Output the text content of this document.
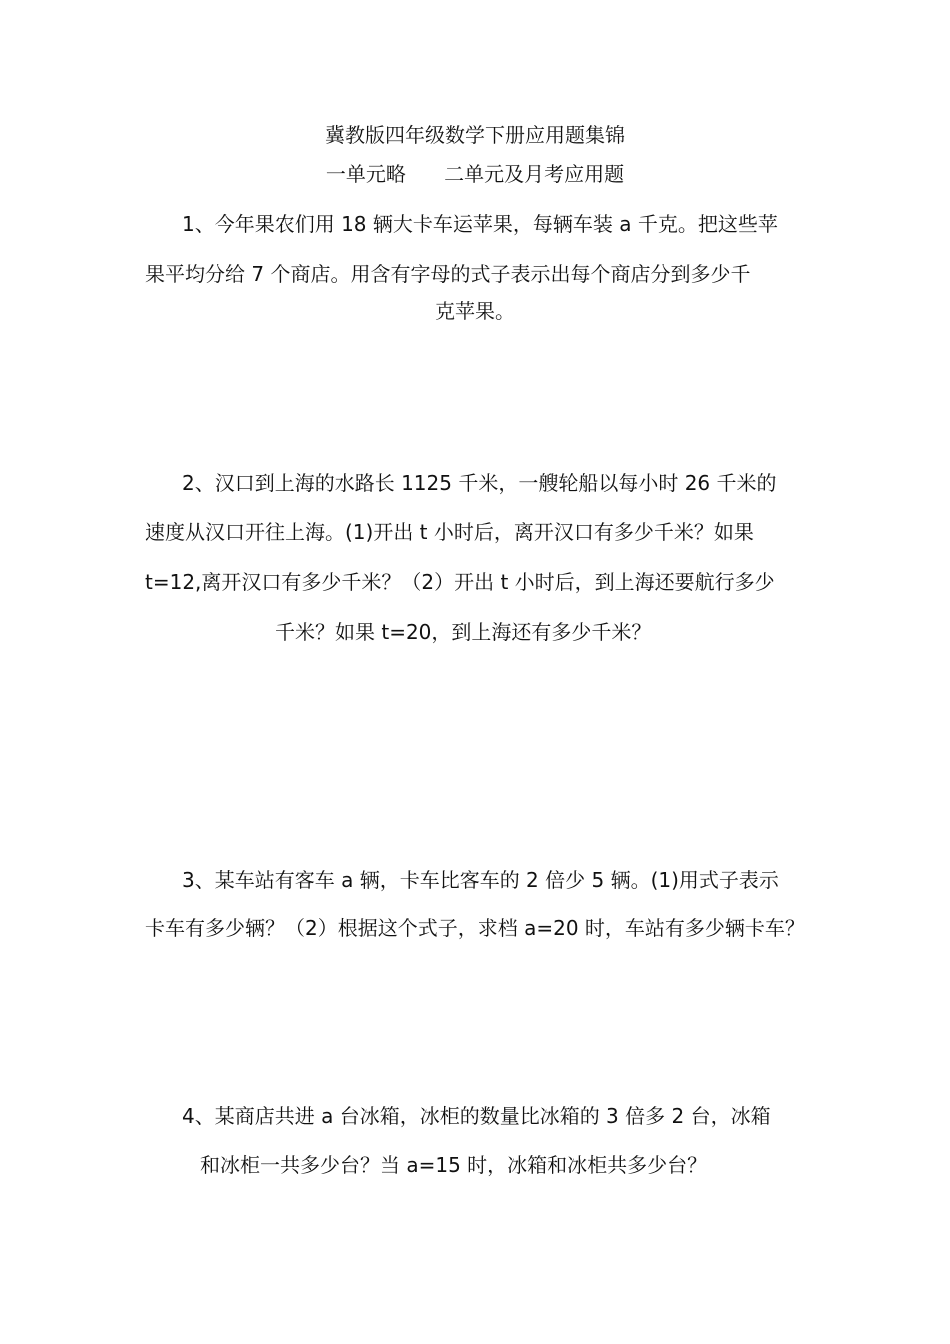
冀教版四年级数学下册应用题集锦
一单元略      二单元及月考应用题
1、今年果农们用 18 辆大卡车运苹果，每辆车装 a 千克。把这些苹
果平均分给 7 个商店。用含有字母的式子表示出每个商店分到多少千
克苹果。
2、汉口到上海的水路长 1125 千米，一艘轮船以每小时 26 千米的
速度从汉口开往上海。(1)开出 t 小时后，离开汉口有多少千米？如果
t=12,离开汉口有多少千米？（2）开出 t 小时后，到上海还要航行多少
千米？如果 t=20，到上海还有多少千米？
3、某车站有客车 a 辆，卡车比客车的 2 倍少 5 辆。(1)用式子表示
卡车有多少辆？（2）根据这个式子，求档 a=20 时，车站有多少辆卡车？
4、某商店共进 a 台冰箱，冰柜的数量比冰箱的 3 倍多 2 台，冰箱
和冰柜一共多少台？当 a=15 时，冰箱和冰柜共多少台？
